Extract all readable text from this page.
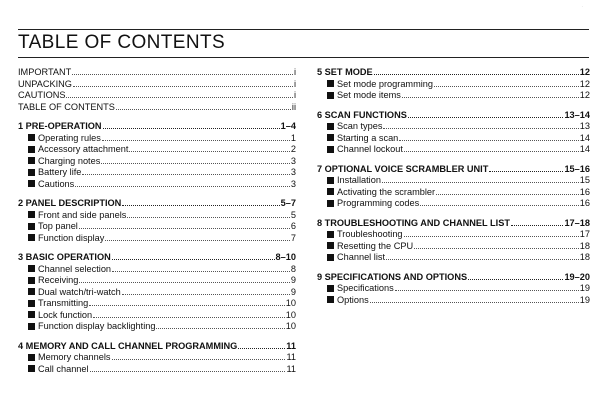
·
TABLE OF CONTENTS
IMPORTANT	i
UNPACKING	i
CAUTIONS	i
TABLE OF CONTENTS	ii
1 PRE-OPERATION	1–4
Operating rules	1
Accessory attachment	2
Charging notes	3
Battery life	3
Cautions	3
2 PANEL DESCRIPTION	5–7
Front and side panels	5
Top panel	6
Function display	7
3 BASIC OPERATION	8–10
Channel selection	8
Receiving	9
Dual watch/tri-watch	9
Transmitting	10
Lock function	10
Function display backlighting	10
4 MEMORY AND CALL CHANNEL PROGRAMMING	11
Memory channels	11
Call channel	11
5 SET MODE	12
Set mode programming	12
Set mode items	12
6 SCAN FUNCTIONS	13–14
Scan types	13
Starting a scan	14
Channel lockout	14
7 OPTIONAL VOICE SCRAMBLER UNIT	15–16
Installation	15
Activating the scrambler	16
Programming codes	16
8 TROUBLESHOOTING AND CHANNEL LIST	17–18
Troubleshooting	17
Resetting the CPU	18
Channel list	18
9 SPECIFICATIONS AND OPTIONS	19–20
Specifications	19
Options	19
